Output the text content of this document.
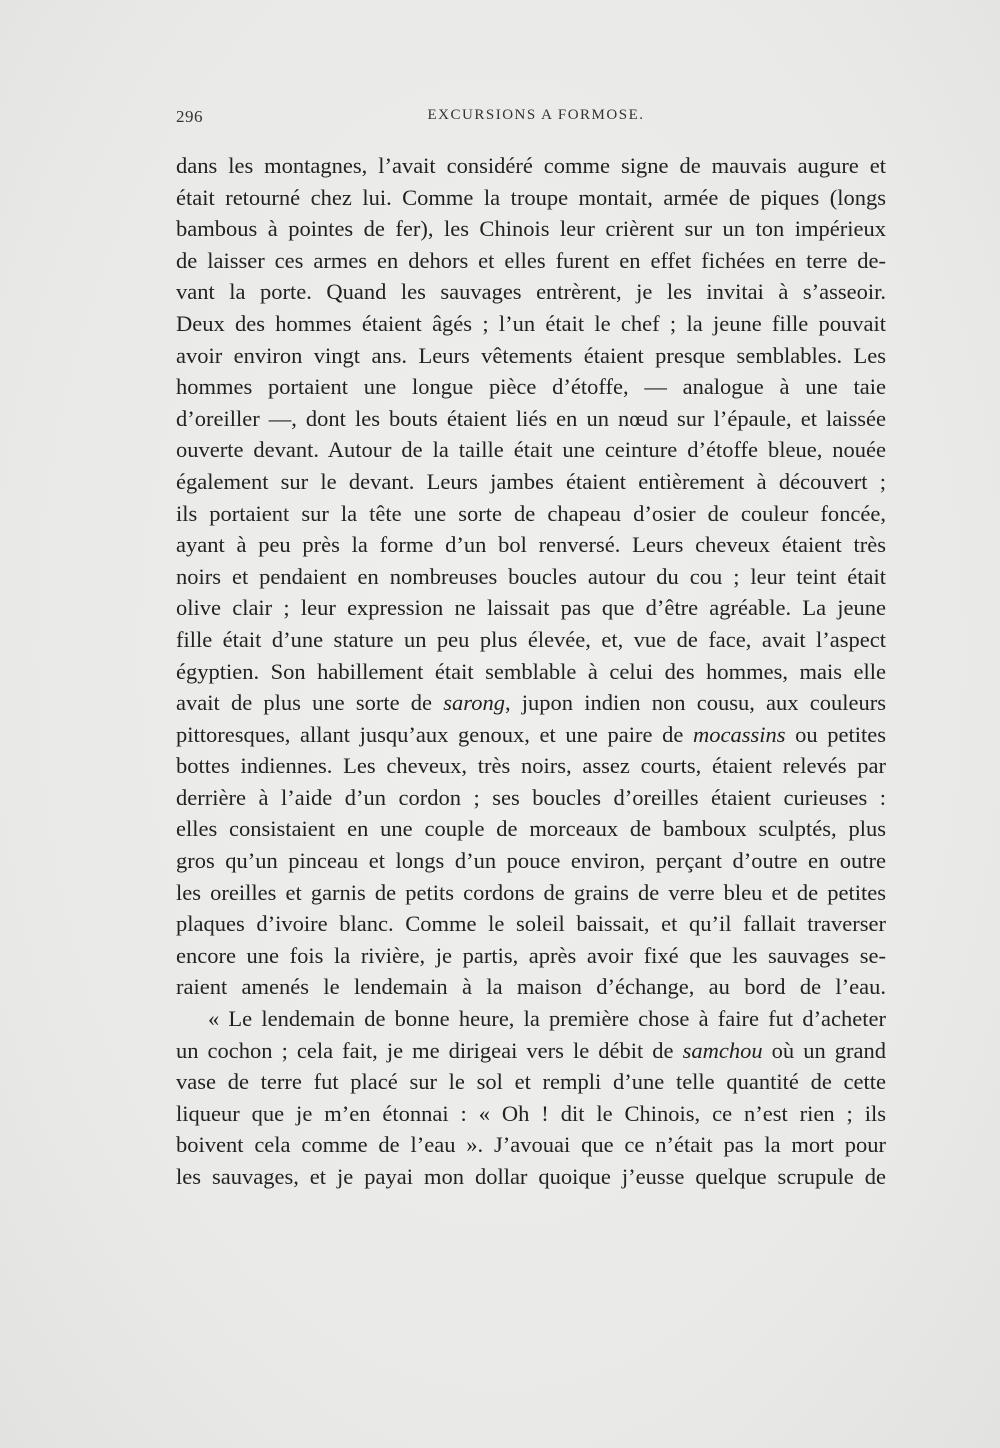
296	EXCURSIONS A FORMOSE.
dans les montagnes, l’avait considéré comme signe de mauvais augure et
était retourné chez lui. Comme la troupe montait, armée de piques (longs
bambous à pointes de fer), les Chinois leur crièrent sur un ton impérieux
de laisser ces armes en dehors et elles furent en effet fichées en terre de-
vant la porte. Quand les sauvages entrèrent, je les invitai à s’asseoir.
Deux des hommes étaient âgés ; l’un était le chef ; la jeune fille pouvait
avoir environ vingt ans. Leurs vêtements étaient presque semblables. Les
hommes portaient une longue pièce d’étoffe, — analogue à une taie
d’oreiller —, dont les bouts étaient liés en un nœud sur l’épaule, et laissée
ouverte devant. Autour de la taille était une ceinture d’étoffe bleue, nouée
également sur le devant. Leurs jambes étaient entièrement à découvert ;
ils portaient sur la tête une sorte de chapeau d’osier de couleur foncée,
ayant à peu près la forme d’un bol renversé. Leurs cheveux étaient très
noirs et pendaient en nombreuses boucles autour du cou ; leur teint était
olive clair ; leur expression ne laissait pas que d’être agréable. La jeune
fille était d’une stature un peu plus élevée, et, vue de face, avait l’aspect
égyptien. Son habillement était semblable à celui des hommes, mais elle
avait de plus une sorte de sarong, jupon indien non cousu, aux couleurs
pittoresques, allant jusqu’aux genoux, et une paire de mocassins ou petites
bottes indiennes. Les cheveux, très noirs, assez courts, étaient relevés par
derrière à l’aide d’un cordon ; ses boucles d’oreilles étaient curieuses :
elles consistaient en une couple de morceaux de bamboux sculptés, plus
gros qu’un pinceau et longs d’un pouce environ, perçant d’outre en outre
les oreilles et garnis de petits cordons de grains de verre bleu et de petites
plaques d’ivoire blanc. Comme le soleil baissait, et qu’il fallait traverser
encore une fois la rivière, je partis, après avoir fixé que les sauvages se-
raient amenés le lendemain à la maison d’échange, au bord de l’eau.
« Le lendemain de bonne heure, la première chose à faire fut d’acheter
un cochon ; cela fait, je me dirigeai vers le débit de samchou où un grand
vase de terre fut placé sur le sol et rempli d’une telle quantité de cette
liqueur que je m’en étonnai : « Oh ! dit le Chinois, ce n’est rien ; ils
boivent cela comme de l’eau ». J’avouai que ce n’était pas la mort pour
les sauvages, et je payai mon dollar quoique j’eusse quelque scrupule de
